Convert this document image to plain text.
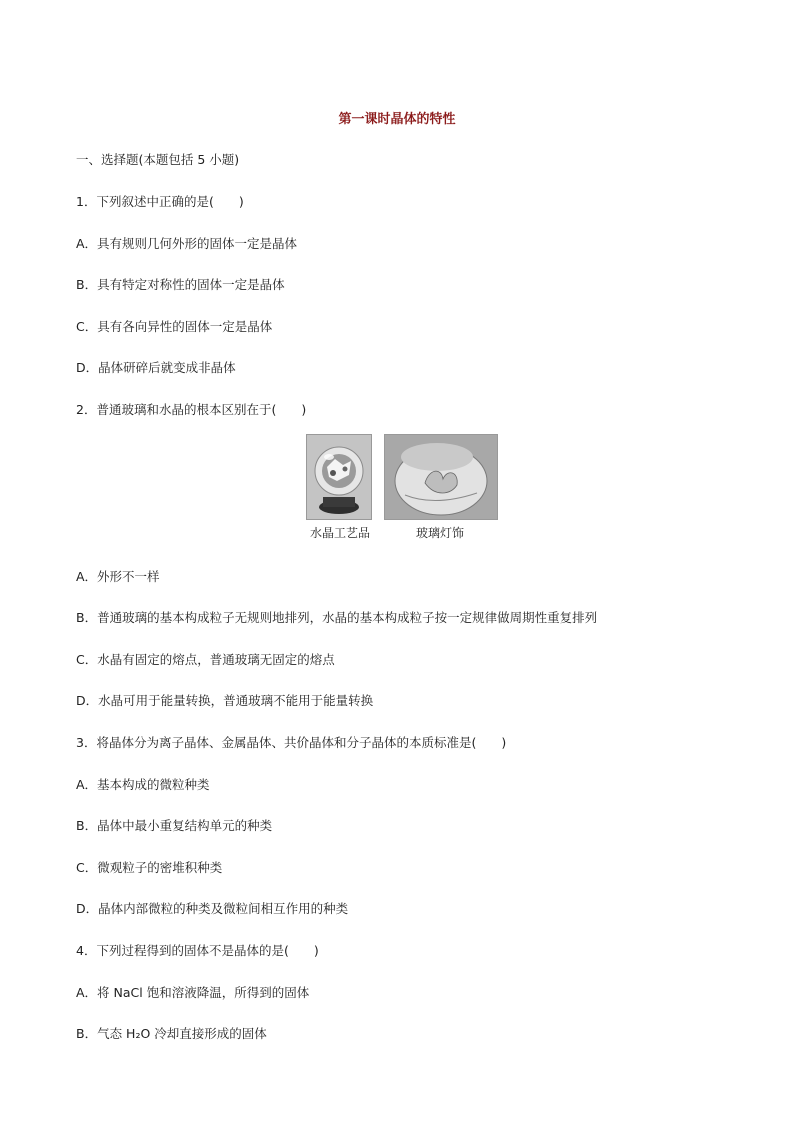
第一课时晶体的特性
一、选择题(本题包括 5 小题)
1．下列叙述中正确的是(　　)
A．具有规则几何外形的固体一定是晶体
B．具有特定对称性的固体一定是晶体
C．具有各向异性的固体一定是晶体
D．晶体研碎后就变成非晶体
2．普通玻璃和水晶的根本区别在于(　　)
水晶工艺品	玻璃灯饰
A．外形不一样
B．普通玻璃的基本构成粒子无规则地排列，水晶的基本构成粒子按一定规律做周期性重复排列
C．水晶有固定的熔点，普通玻璃无固定的熔点
D．水晶可用于能量转换，普通玻璃不能用于能量转换
3．将晶体分为离子晶体、金属晶体、共价晶体和分子晶体的本质标准是(　　)
A．基本构成的微粒种类
B．晶体中最小重复结构单元的种类
C．微观粒子的密堆积种类
D．晶体内部微粒的种类及微粒间相互作用的种类
4．下列过程得到的固体不是晶体的是(　　)
A．将 NaCl 饱和溶液降温，所得到的固体
B．气态 H₂O 冷却直接形成的固体
